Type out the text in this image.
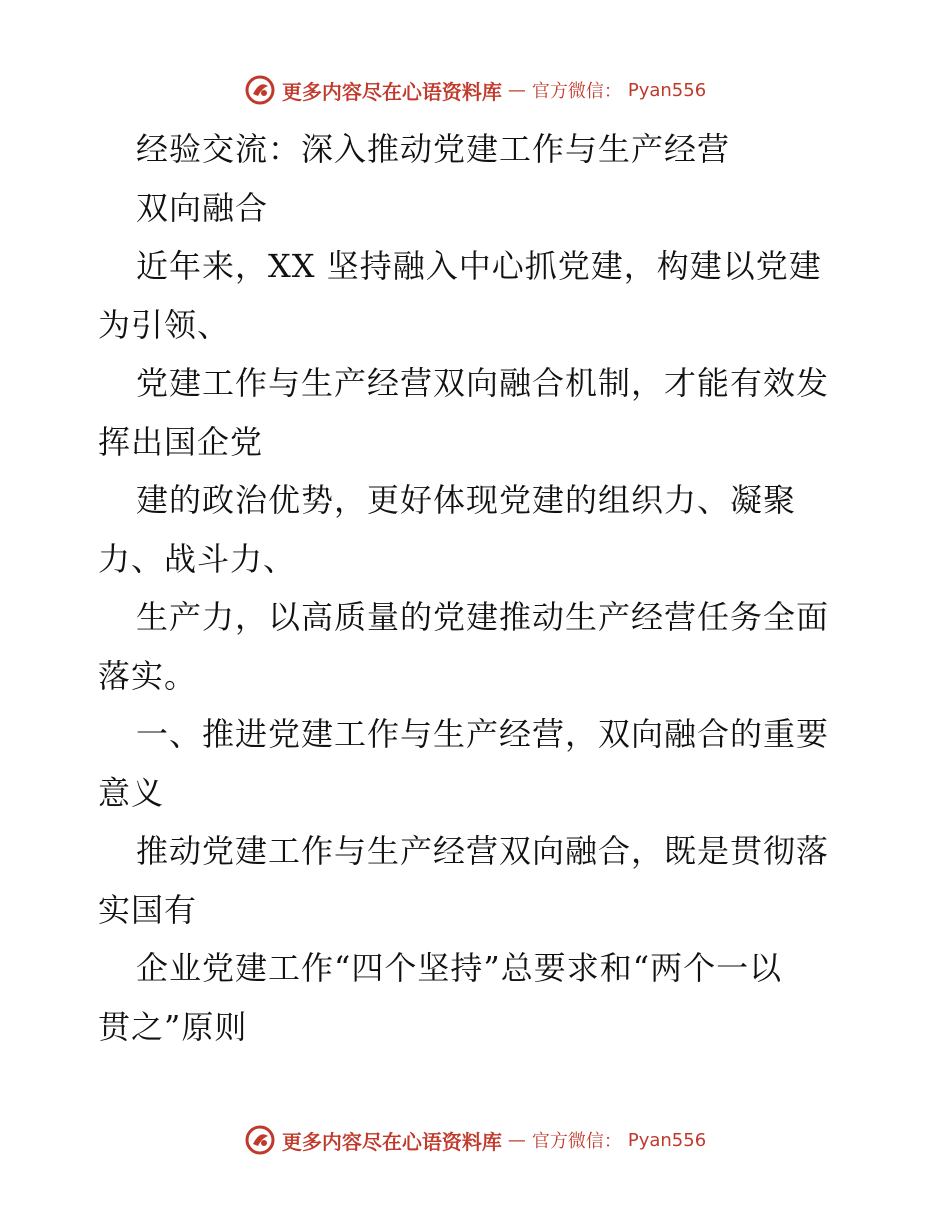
更多内容尽在心语资料库 — 官方微信： Pyan556
经验交流：深入推动党建工作与生产经营
双向融合
近年来，XX 坚持融入中心抓党建，构建以党建
为引领、
党建工作与生产经营双向融合机制，才能有效发
挥出国企党
建的政治优势，更好体现党建的组织力、凝聚
力、战斗力、
生产力，以高质量的党建推动生产经营任务全面
落实。
一、推进党建工作与生产经营，双向融合的重要
意义
推动党建工作与生产经营双向融合，既是贯彻落
实国有
企业党建工作“四个坚持”总要求和“两个一以
贯之”原则
更多内容尽在心语资料库 — 官方微信： Pyan556
